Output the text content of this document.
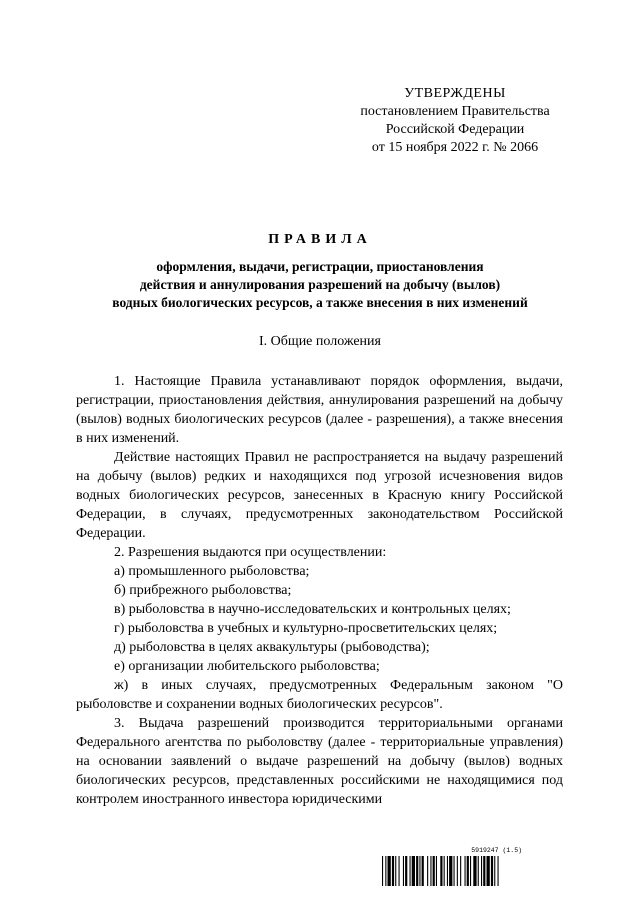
УТВЕРЖДЕНЫ
постановлением Правительства
Российской Федерации
от 15 ноября 2022 г. № 2066
ПРАВИЛА
оформления, выдачи, регистрации, приостановления
действия и аннулирования разрешений на добычу (вылов)
водных биологических ресурсов, а также внесения в них изменений
I. Общие положения

1. Настоящие Правила устанавливают порядок оформления, выдачи, регистрации, приостановления действия, аннулирования разрешений на добычу (вылов) водных биологических ресурсов (далее - разрешения), а также внесения в них изменений.

Действие настоящих Правил не распространяется на выдачу разрешений на добычу (вылов) редких и находящихся под угрозой исчезновения видов водных биологических ресурсов, занесенных в Красную книгу Российской Федерации, в случаях, предусмотренных законодательством Российской Федерации.

2. Разрешения выдаются при осуществлении:

а) промышленного рыболовства;

б) прибрежного рыболовства;

в) рыболовства в научно-исследовательских и контрольных целях;

г) рыболовства в учебных и культурно-просветительских целях;

д) рыболовства в целях аквакультуры (рыбоводства);

е) организации любительского рыболовства;

ж) в иных случаях, предусмотренных Федеральным законом "О рыболовстве и сохранении водных биологических ресурсов".

3. Выдача разрешений производится территориальными органами Федерального агентства по рыболовству (далее - территориальные управления) на основании заявлений о выдаче разрешений на добычу (вылов) водных биологических ресурсов, представленных российскими не находящимися под контролем иностранного инвестора юридическими

5919247 (1.5)
